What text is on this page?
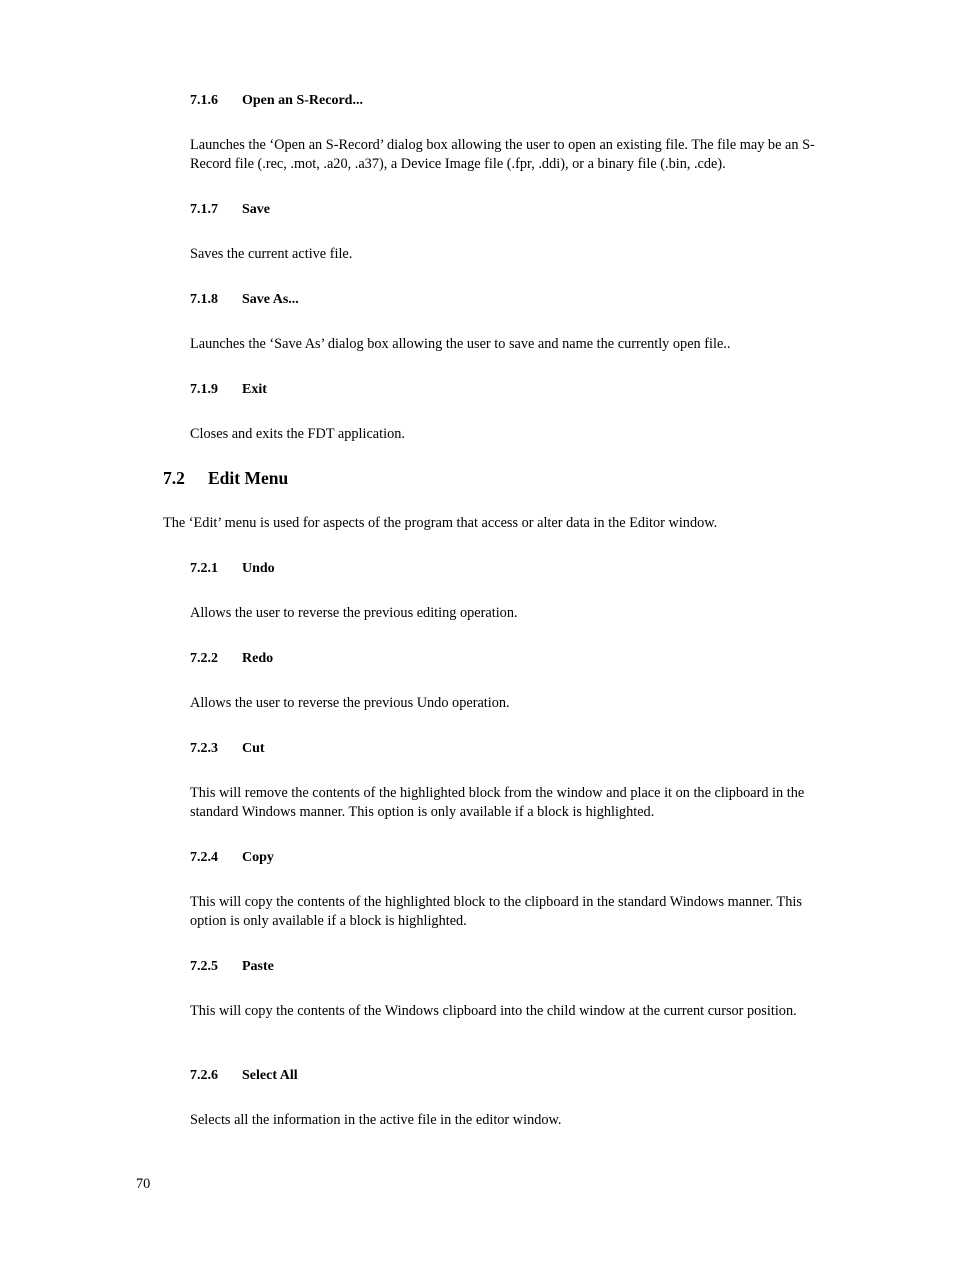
7.1.6 Open an S-Record...
Launches the ‘Open an S-Record’ dialog box allowing the user to open an existing file. The file may be an S-Record file (.rec, .mot, .a20, .a37), a Device Image file (.fpr, .ddi), or a binary file (.bin, .cde).
7.1.7 Save
Saves the current active file.
7.1.8 Save As...
Launches the ‘Save As’ dialog box allowing the user to save and name the currently open file..
7.1.9 Exit
Closes and exits the FDT application.
7.2 Edit Menu
The ‘Edit’ menu is used for aspects of the program that access or alter data in the Editor window.
7.2.1 Undo
Allows the user to reverse the previous editing operation.
7.2.2 Redo
Allows the user to reverse the previous Undo operation.
7.2.3 Cut
This will remove the contents of the highlighted block from the window and place it on the clipboard in the standard Windows manner. This option is only available if a block is highlighted.
7.2.4 Copy
This will copy the contents of the highlighted block to the clipboard in the standard Windows manner. This option is only available if a block is highlighted.
7.2.5 Paste
This will copy the contents of the Windows clipboard into the child window at the current cursor position.
7.2.6 Select All
Selects all the information in the active file in the editor window.
70
